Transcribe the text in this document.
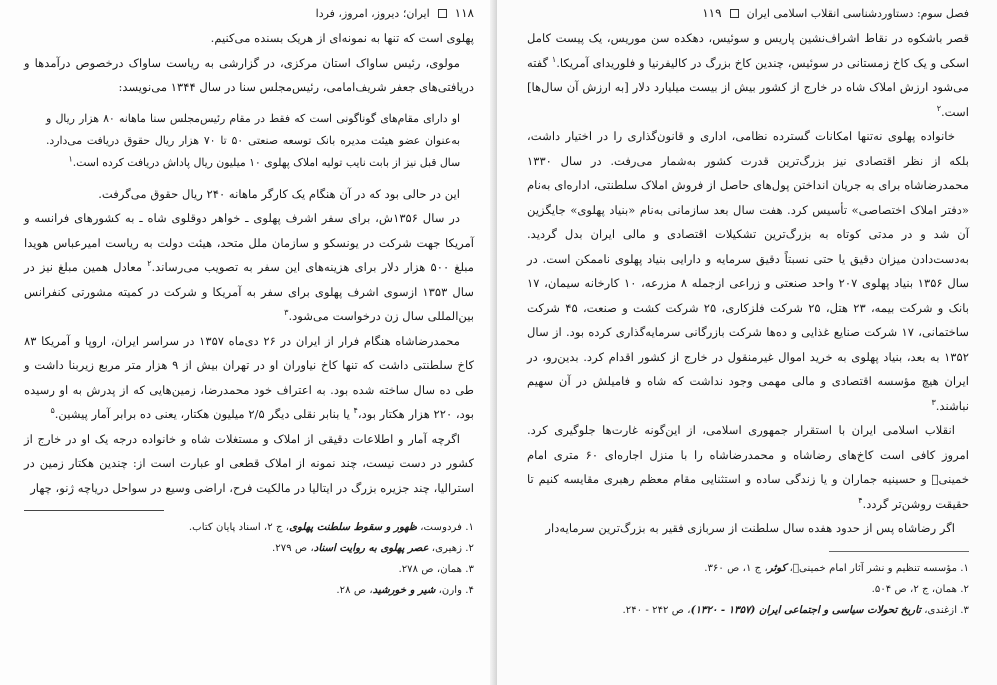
۱۱۸
ایران؛ دیروز، امروز، فردا

پهلوی است که تنها به نمونه‌ای از هریک بسنده می‌کنیم.

مولوی، رئیس ساواک استان مرکزی، در گزارشی به ریاست ساواک درخصوص درآمدها و دریافتی‌های جعفر شریف‌امامی، رئیس‌مجلس سنا در سال ۱۳۴۴ می‌نویسد:

او دارای مقام‌های گوناگونی است که فقط در مقام رئیس‌مجلس سنا ماهانه ۸۰ هزار ریال و به‌عنوان عضو هیئت مدیره بانک توسعه صنعتی ۵۰ تا ۷۰ هزار ریال حقوق دریافت می‌دارد. سال قبل نیز از بابت نایب تولیه املاک پهلوی ۱۰ میلیون ریال پاداش دریافت کرده است.$^۱$

این در حالی بود که در آن هنگام یک کارگر ماهانه ۲۴۰ ریال حقوق می‌گرفت.

در سال ۱۳۵۶ش، برای سفر اشرف پهلوی ـ خواهر دوقلوی شاه ـ به کشورهای فرانسه و آمریکا جهت شرکت در یونسکو و سازمان ملل متحد، هیئت دولت به ریاست امیرعباس هویدا مبلغ ۵۰۰ هزار دلار برای هزینه‌های این سفر به تصویب می‌رساند.$^۲$ معادل همین مبلغ نیز در سال ۱۳۵۳ ازسوی اشرف پهلوی برای سفر به آمریکا و شرکت در کمیته مشورتی کنفرانس بین‌المللی سال زن درخواست می‌شود.$^۳$

محمدرضاشاه هنگام فرار از ایران در ۲۶ دی‌ماه ۱۳۵۷ در سراسر ایران، اروپا و آمریکا ۸۳ کاخ سلطنتی داشت که تنها کاخ نیاوران او در تهران بیش از ۹ هزار متر مربع زیربنا داشت و طی ده سال ساخته شده بود. به اعتراف خود محمدرضا، زمین‌هایی که از پدرش به او رسیده بود، ۲۲۰ هزار هکتار بود،$^۴$ یا بنابر نقلی دیگر ۲/۵ میلیون هکتار، یعنی ده برابر آمار پیشین.$^۵$

اگرچه آمار و اطلاعات دقیقی از املاک و مستغلات شاه و خانواده درجه یک او در خارج از کشور در دست نیست، چند نمونه از املاک قطعی او عبارت است از: چندین هکتار زمین در استرالیا، چند جزیره بزرگ در ایتالیا در مالکیت فرح، اراضی وسیع در سواحل دریاچه ژنو، چهار

۱. فردوست، ظهور و سقوط سلطنت پهلوی، ج ۲، اسناد پایان کتاب.
۲. زهیری، عصر پهلوی به روایت اسناد، ص ۲۷۹.
۳. همان، ص ۲۷۸.
۴. وارن، شیر و خورشید، ص ۲۸.
فصل سوم: دستاوردشناسی انقلاب اسلامی ایران
۱۱۹

قصر باشکوه در نقاط اشراف‌نشین پاریس و سوئیس، دهکده سن موریس، یک پیست کامل اسکی و یک کاخ زمستانی در سوئیس، چندین کاخ بزرگ در کالیفرنیا و فلوریدای آمریکا.$^۱$ گفته می‌شود ارزش املاک شاه در خارج از کشور بیش از بیست میلیارد دلار [به ارزش آن سال‌ها] است.$^۲$

خانواده پهلوی نه‌تنها امکانات گسترده نظامی، اداری و قانون‌گذاری را در اختیار داشت، بلکه از نظر اقتصادی نیز بزرگ‌ترین قدرت کشور به‌شمار می‌رفت. در سال ۱۳۳۰ محمدرضاشاه برای به جریان انداختن پول‌های حاصل از فروش املاک سلطنتی، اداره‌ای به‌نام «دفتر املاک اختصاصی» تأسیس کرد. هفت سال بعد سازمانی به‌نام «بنیاد پهلوی» جایگزین آن شد و در مدتی کوتاه به بزرگ‌ترین تشکیلات اقتصادی و مالی ایران بدل گردید. به‌دست‌دادن میزان دقیق یا حتی نسبتاً دقیق سرمایه و دارایی بنیاد پهلوی ناممکن است. در سال ۱۳۵۶ بنیاد پهلوی ۲۰۷ واحد صنعتی و زراعی ازجمله ۸ مزرعه، ۱۰ کارخانه سیمان، ۱۷ بانک و شرکت بیمه، ۲۳ هتل، ۲۵ شرکت فلزکاری، ۲۵ شرکت کشت و صنعت، ۴۵ شرکت ساختمانی، ۱۷ شرکت صنایع غذایی و ده‌ها شرکت بازرگانی سرمایه‌گذاری کرده بود. از سال ۱۳۵۲ به بعد، بنیاد پهلوی به خرید اموال غیرمنقول در خارج از کشور اقدام کرد. بدین‌رو، در ایران هیچ مؤسسه اقتصادی و مالی مهمی وجود نداشت که شاه و فامیلش در آن سهیم نباشند.$^۳$

انقلاب اسلامی ایران با استقرار جمهوری اسلامی، از این‌گونه غارت‌ها جلوگیری کرد. امروز کافی است کاخ‌های رضاشاه و محمدرضاشاه را با منزل اجاره‌ای ۶۰ متری امام خمینی﷫ و حسینیه جماران و یا زندگی ساده و استثنایی مقام معظم رهبری مقایسه کنیم تا حقیقت روشن‌تر گردد.$^۴$

اگر رضاشاه پس از حدود هفده سال سلطنت از سربازی فقیر به بزرگ‌ترین سرمایه‌دار

۱. مؤسسه تنظیم و نشر آثار امام خمینی﷫، کوثر، ج ۱، ص ۳۶۰.
۲. همان، ج ۲، ص ۵۰۴.
۳. ازغندی، تاریخ تحولات سیاسی و اجتماعی ایران (۱۳۵۷ - ۱۳۲۰)، ص ۲۴۲ - ۲۴۰.
